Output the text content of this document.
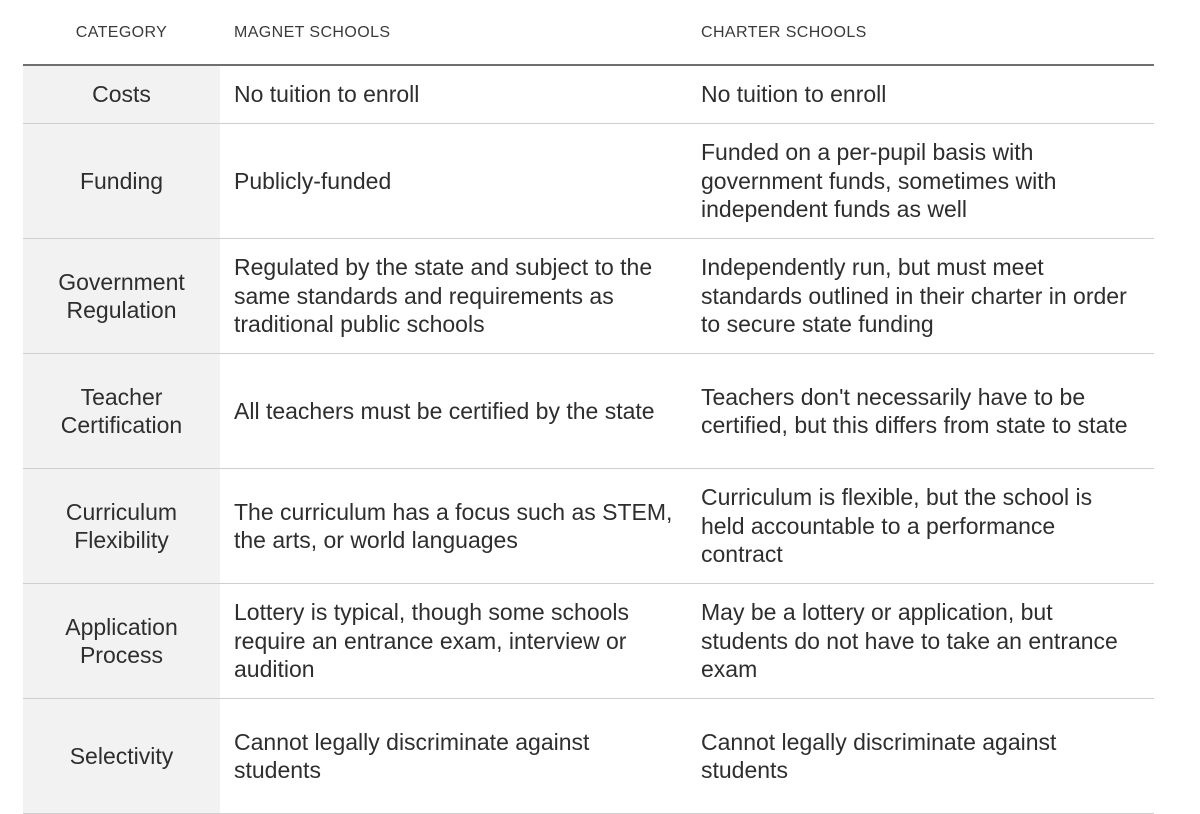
CATEGORY	MAGNET SCHOOLS	CHARTER SCHOOLS
Costs	No tuition to enroll	No tuition to enroll
Funding	Publicly-funded	Funded on a per-pupil basis with government funds, sometimes with independent funds as well
Government Regulation	Regulated by the state and subject to the same standards and requirements as traditional public schools	Independently run, but must meet standards outlined in their charter in order to secure state funding
Teacher Certification	All teachers must be certified by the state	Teachers don't necessarily have to be certified, but this differs from state to state
Curriculum Flexibility	The curriculum has a focus such as STEM, the arts, or world languages	Curriculum is flexible, but the school is held accountable to a performance contract
Application Process	Lottery is typical, though some schools require an entrance exam, interview or audition	May be a lottery or application, but students do not have to take an entrance exam
Selectivity	Cannot legally discriminate against students	Cannot legally discriminate against students
